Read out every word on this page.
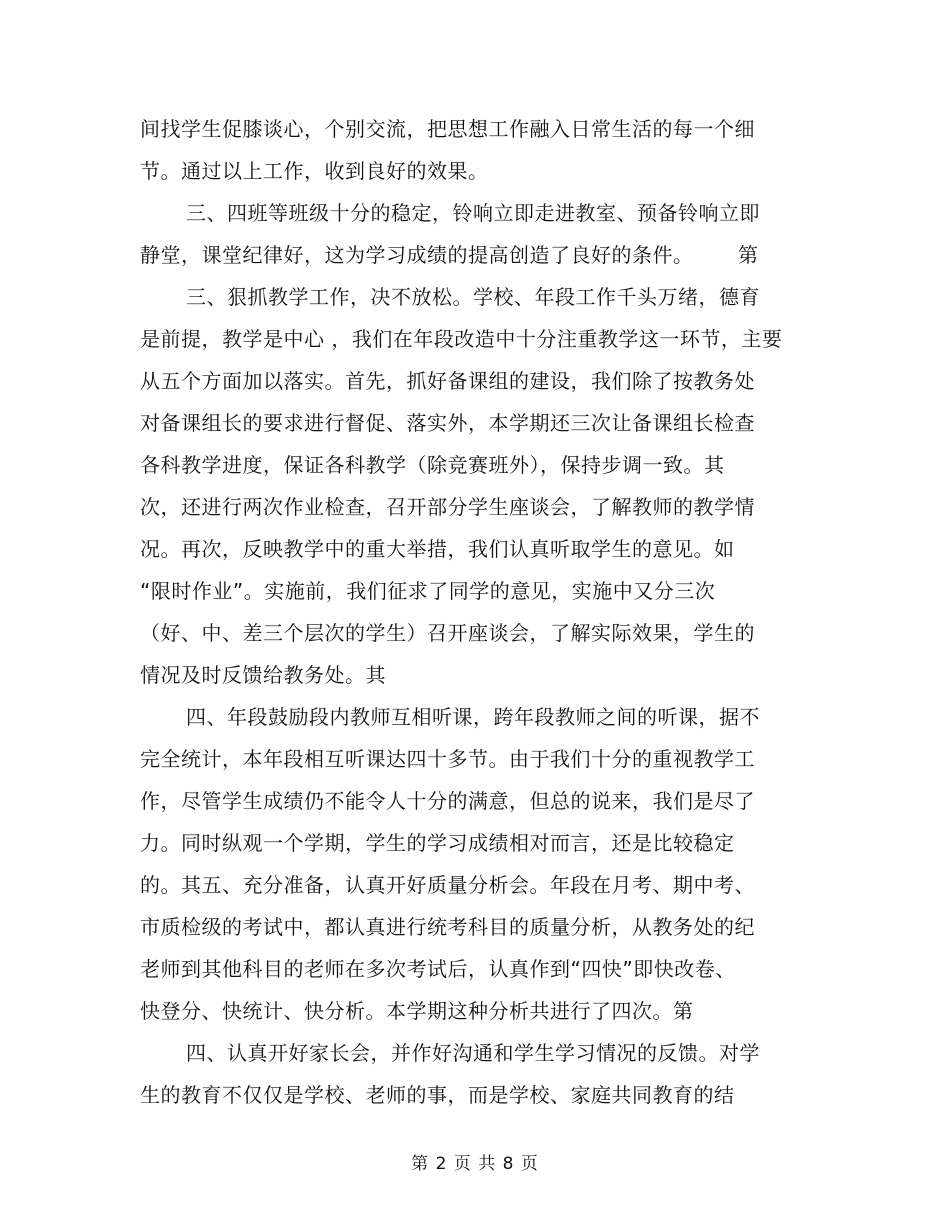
间找学生促膝谈心，个别交流，把思想工作融入日常生活的每一个细
节。通过以上工作，收到良好的效果。
三、四班等班级十分的稳定，铃响立即走进教室、预备铃响立即
静堂，课堂纪律好，这为学习成绩的提高创造了良好的条件。 第
三、狠抓教学工作，决不放松。学校、年段工作千头万绪，德育
是前提，教学是中心 ，我们在年段改造中十分注重教学这一环节，主要
从五个方面加以落实。首先，抓好备课组的建设，我们除了按教务处
对备课组长的要求进行督促、落实外，本学期还三次让备课组长检查
各科教学进度，保证各科教学（除竞赛班外），保持步调一致。其
次，还进行两次作业检查，召开部分学生座谈会，了解教师的教学情
况。再次，反映教学中的重大举措，我们认真听取学生的意见。如
“限时作业”。实施前，我们征求了同学的意见，实施中又分三次
（好、中、差三个层次的学生）召开座谈会，了解实际效果，学生的
情况及时反馈给教务处。其
四、年段鼓励段内教师互相听课，跨年段教师之间的听课，据不
完全统计，本年段相互听课达四十多节。由于我们十分的重视教学工
作，尽管学生成绩仍不能令人十分的满意，但总的说来，我们是尽了
力。同时纵观一个学期，学生的学习成绩相对而言，还是比较稳定
的。其五、充分准备，认真开好质量分析会。年段在月考、期中考、
市质检级的考试中，都认真进行统考科目的质量分析，从教务处的纪
老师到其他科目的老师在多次考试后，认真作到“四快”即快改卷、
快登分、快统计、快分析。本学期这种分析共进行了四次。第
四、认真开好家长会，并作好沟通和学生学习情况的反馈。对学
生的教育不仅仅是学校、老师的事，而是学校、家庭共同教育的结
第 2 页 共 8 页
